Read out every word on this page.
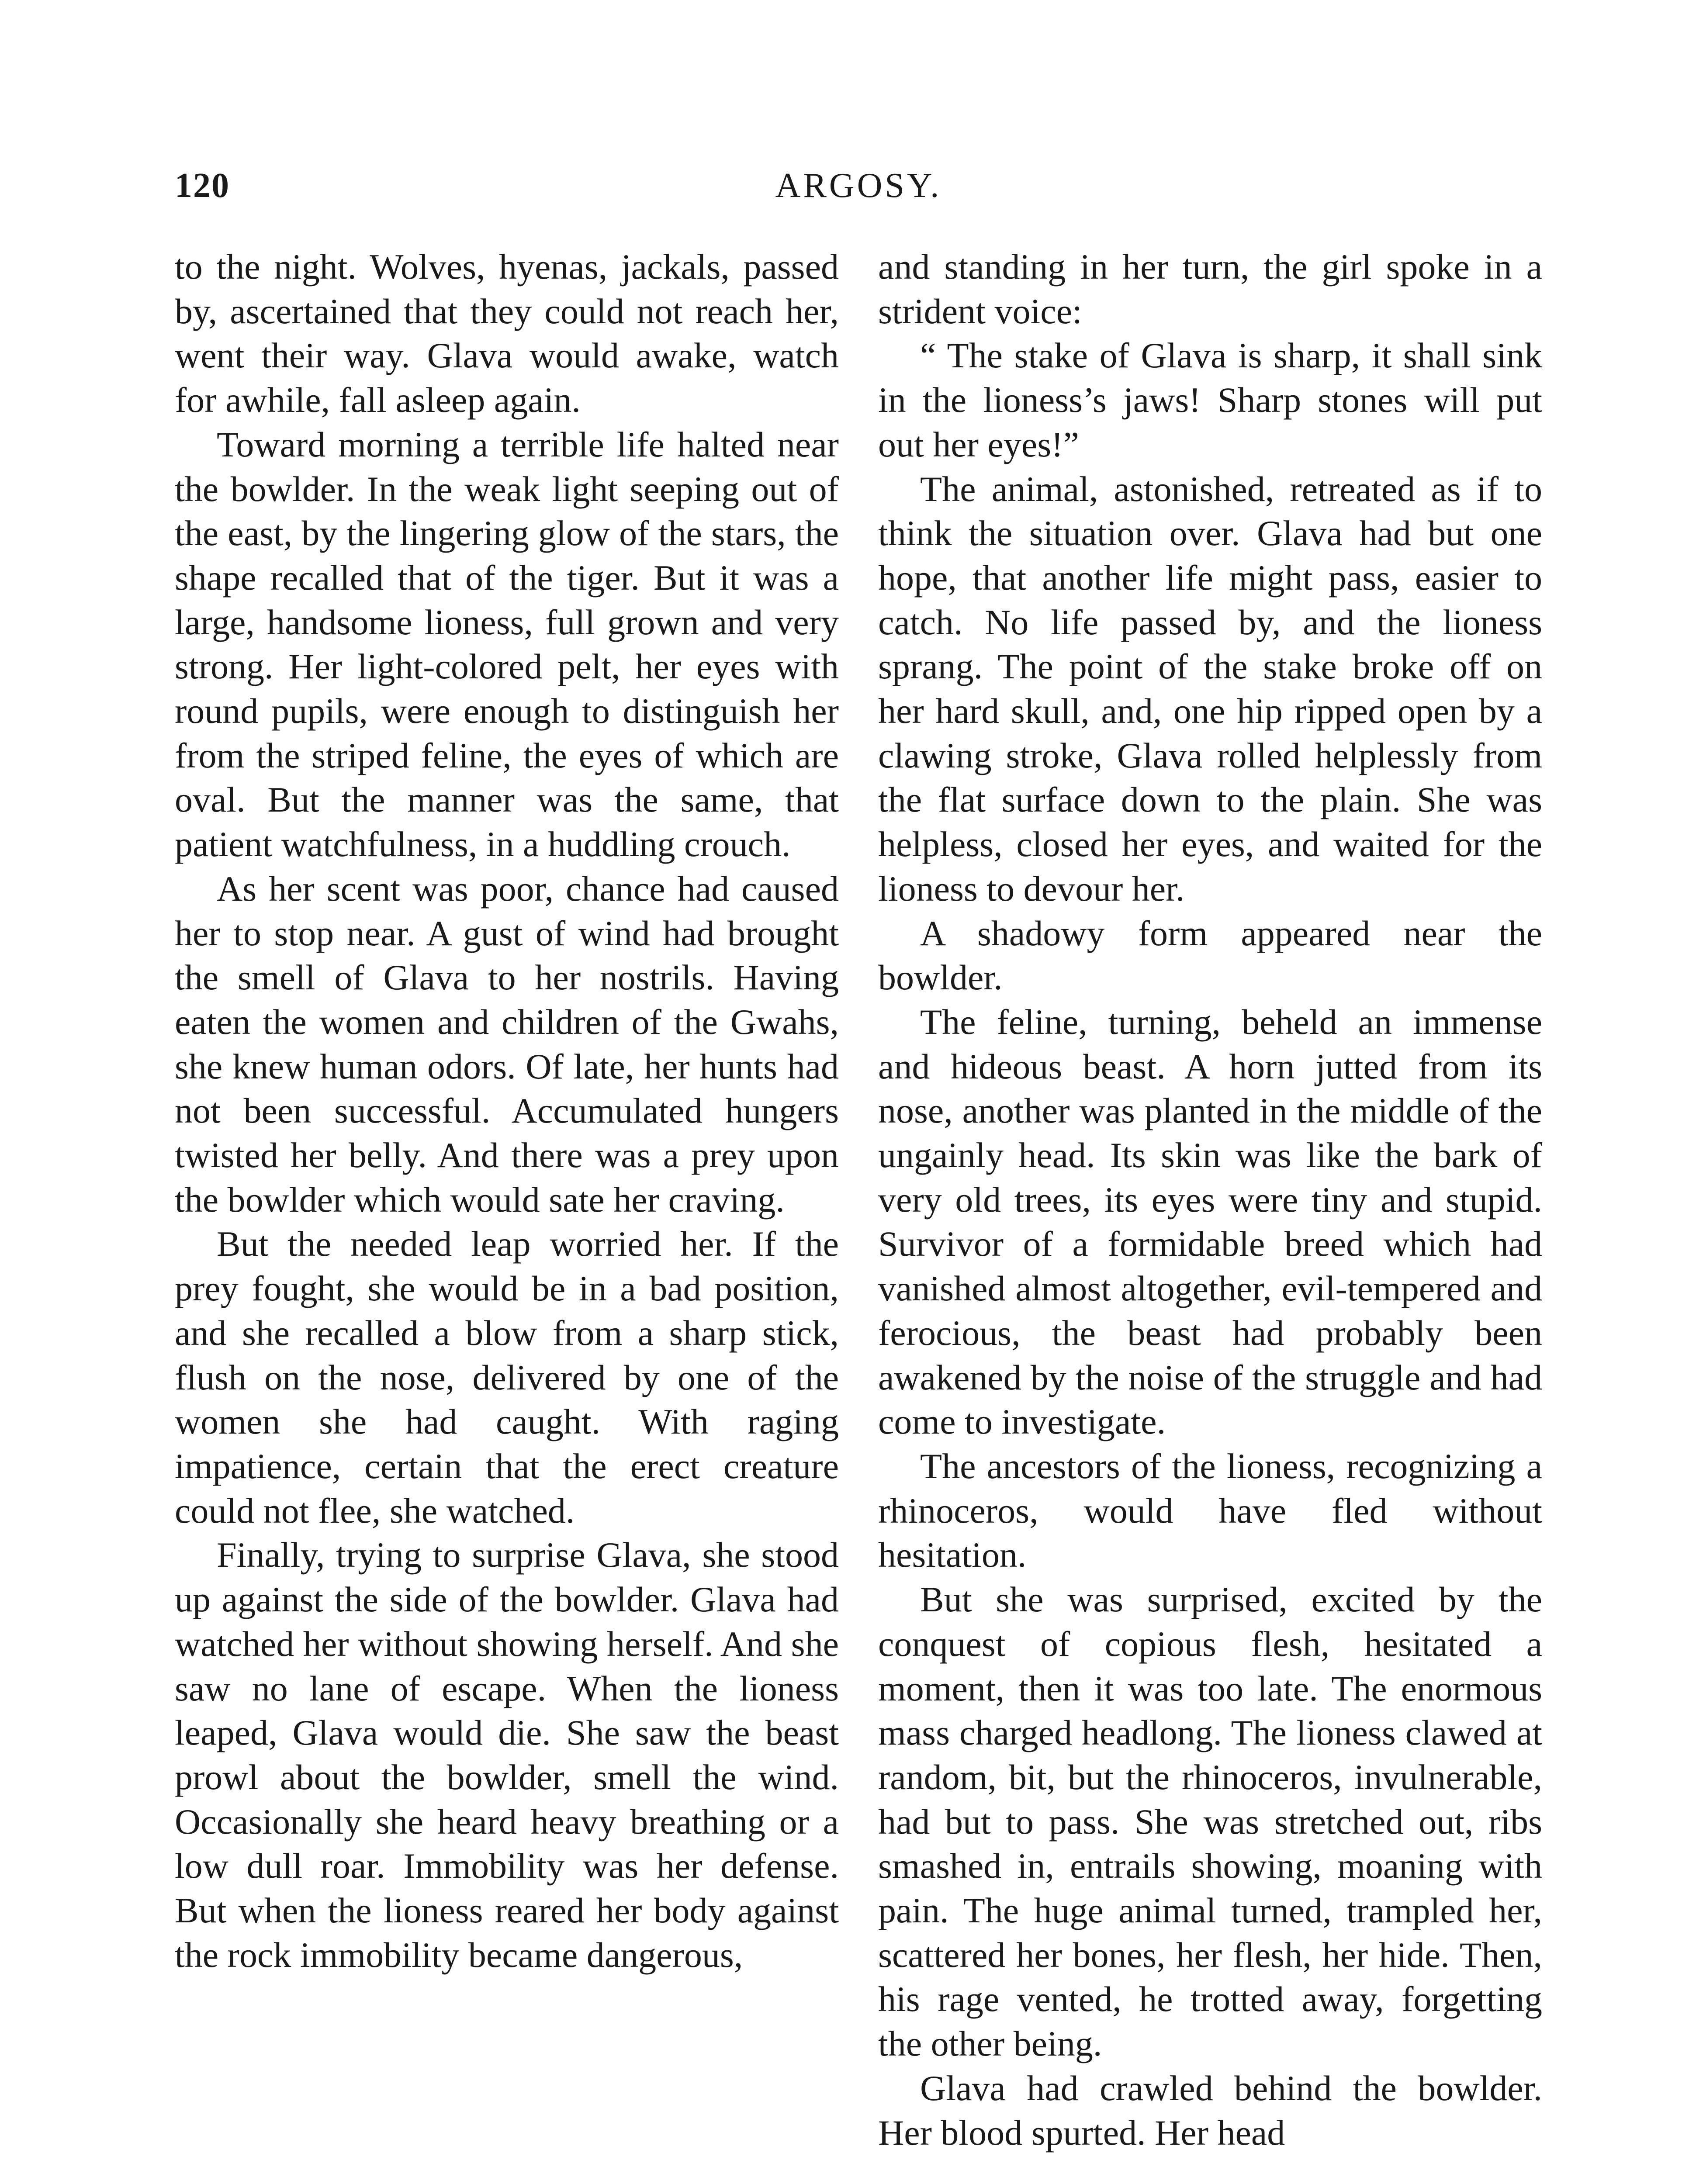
120	ARGOSY.

to the night. Wolves, hyenas, jackals, passed by, ascertained that they could not reach her, went their way. Glava would awake, watch for awhile, fall asleep again.

Toward morning a terrible life halted near the bowlder. In the weak light seeping out of the east, by the lingering glow of the stars, the shape recalled that of the tiger. But it was a large, handsome lioness, full grown and very strong. Her light-colored pelt, her eyes with round pupils, were enough to distinguish her from the striped feline, the eyes of which are oval. But the manner was the same, that patient watchfulness, in a huddling crouch.

As her scent was poor, chance had caused her to stop near. A gust of wind had brought the smell of Glava to her nostrils. Having eaten the women and children of the Gwahs, she knew human odors. Of late, her hunts had not been successful. Accumulated hungers twisted her belly. And there was a prey upon the bowlder which would sate her craving.

But the needed leap worried her. If the prey fought, she would be in a bad position, and she recalled a blow from a sharp stick, flush on the nose, delivered by one of the women she had caught. With raging impatience, certain that the erect creature could not flee, she watched.

Finally, trying to surprise Glava, she stood up against the side of the bowlder. Glava had watched her without showing herself. And she saw no lane of escape. When the lioness leaped, Glava would die. She saw the beast prowl about the bowlder, smell the wind. Occasionally she heard heavy breathing or a low dull roar. Immobility was her defense. But when the lioness reared her body against the rock immobility became dangerous,

and standing in her turn, the girl spoke in a strident voice:

“ The stake of Glava is sharp, it shall sink in the lioness’s jaws! Sharp stones will put out her eyes!”

The animal, astonished, retreated as if to think the situation over. Glava had but one hope, that another life might pass, easier to catch. No life passed by, and the lioness sprang. The point of the stake broke off on her hard skull, and, one hip ripped open by a clawing stroke, Glava rolled helplessly from the flat surface down to the plain. She was helpless, closed her eyes, and waited for the lioness to devour her.

A shadowy form appeared near the bowlder.

The feline, turning, beheld an immense and hideous beast. A horn jutted from its nose, another was planted in the middle of the ungainly head. Its skin was like the bark of very old trees, its eyes were tiny and stupid. Survivor of a formidable breed which had vanished almost altogether, evil-tempered and ferocious, the beast had probably been awakened by the noise of the struggle and had come to investigate.

The ancestors of the lioness, recognizing a rhinoceros, would have fled without hesitation.

But she was surprised, excited by the conquest of copious flesh, hesitated a moment, then it was too late. The enormous mass charged headlong. The lioness clawed at random, bit, but the rhinoceros, invulnerable, had but to pass. She was stretched out, ribs smashed in, entrails showing, moaning with pain. The huge animal turned, trampled her, scattered her bones, her flesh, her hide. Then, his rage vented, he trotted away, forgetting the other being.

Glava had crawled behind the bowlder. Her blood spurted. Her head
